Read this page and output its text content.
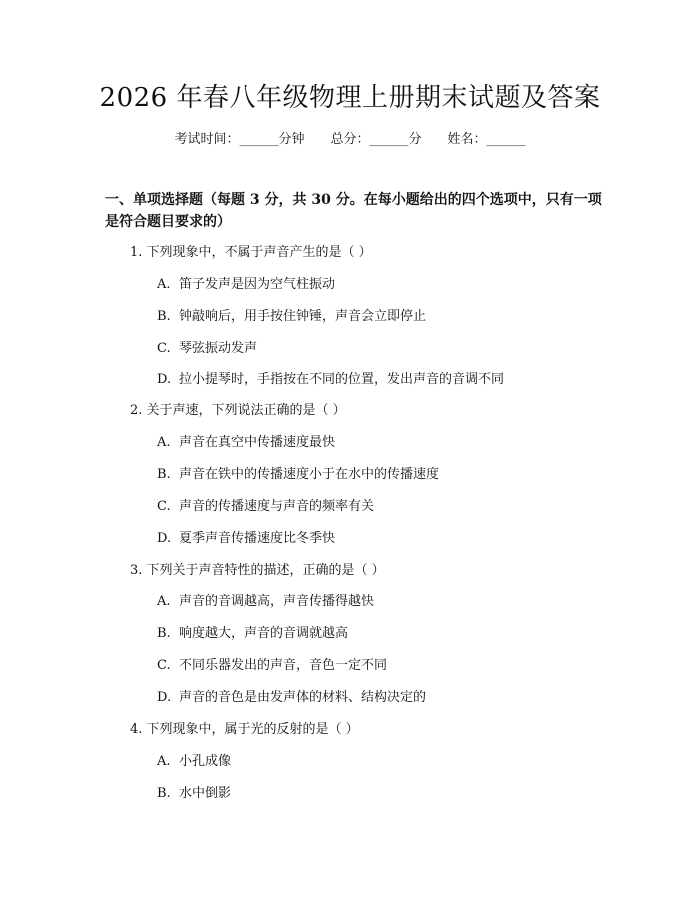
2026 年春八年级物理上册期末试题及答案
考试时间：______分钟 总分：______分 姓名：______
一、单项选择题（每题 3 分，共 30 分。在每小题给出的四个选项中，只有一项是符合题目要求的）
1. 下列现象中，不属于声音产生的是（ ）
A. 笛子发声是因为空气柱振动
B. 钟敲响后，用手按住钟锤，声音会立即停止
C. 琴弦振动发声
D. 拉小提琴时，手指按在不同的位置，发出声音的音调不同
2. 关于声速，下列说法正确的是（ ）
A. 声音在真空中传播速度最快
B. 声音在铁中的传播速度小于在水中的传播速度
C. 声音的传播速度与声音的频率有关
D. 夏季声音传播速度比冬季快
3. 下列关于声音特性的描述，正确的是（ ）
A. 声音的音调越高，声音传播得越快
B. 响度越大，声音的音调就越高
C. 不同乐器发出的声音，音色一定不同
D. 声音的音色是由发声体的材料、结构决定的
4. 下列现象中，属于光的反射的是（ ）
A. 小孔成像
B. 水中倒影
